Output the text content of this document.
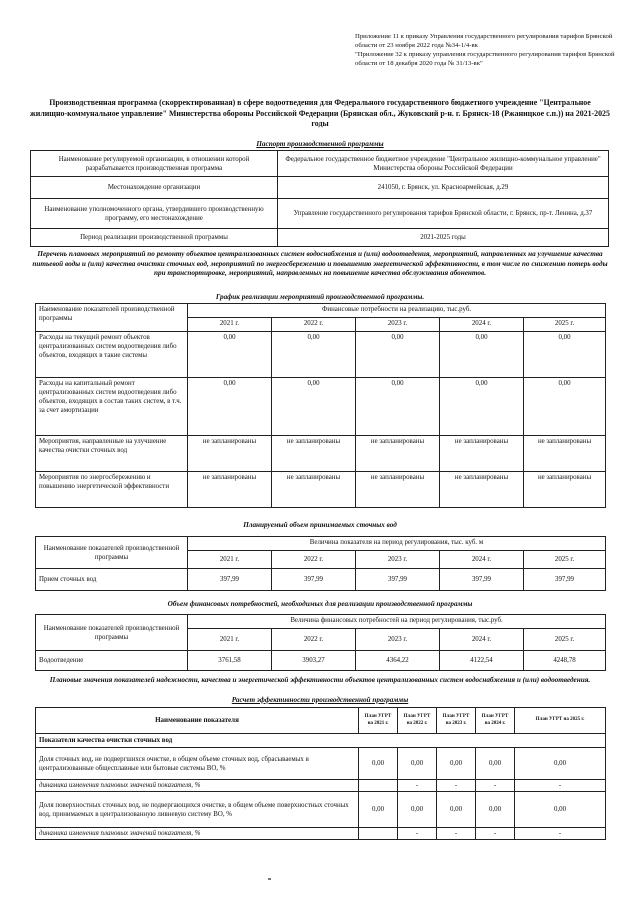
Приложение 11 к приказу Управления государственного регулирования тарифов Брянской области от 23 ноября 2022 года №34-1/4-вк

"Приложение 32 к приказу управления государственного регулирования тарифов Брянской области от 18 декабря 2020 года № 31/13-вк"

Производственная программа (скорректированная) в сфере водоотведения для Федерального государственного бюджетного учреждение "Центральное жилищно-коммунальное управление" Министерства обороны Российской Федерации (Брянская обл., Жуковский р-н. г. Брянск-18 (Ржаницкое с.п.)) на 2021-2025 годы
Паспорт производственной программы
Наименование регулируемой организации, в отношении которой разрабатывается производственная программа	Федеральное государственное бюджетное учреждение "Центральное жилищно-коммунальное управление" Министерства обороны Российской Федерации
Местонахождение организации	241050, г. Брянск, ул. Красноармейская, д.29
Наименование уполномоченного органа, утвердившего производственную программу, его местонахождение	Управление государственного регулирования тарифов Брянской области, г. Брянск, пр-т. Ленина, д.37
Период реализации производственной программы	2021-2025 годы
Перечень плановых мероприятий по ремонту объектов централизованных систем водоснабжения и (или) водоотведения, мероприятий, направленных на улучшение качества питьевой воды и (или) качества очистки сточных вод, мероприятий по энергосбережению и повышению энергетической эффективности, в том числе по снижению потерь воды при транспортировке, мероприятий, направленных на повышение качества обслуживания абонентов.
График реализации мероприятий производственной программы.
Наименование показателей производственной программы	Финансовые потребности на реализацию, тыс.руб.				
	2021 г.	2022 г.	2023 г.	2024 г.	2025 г.
Расходы на текущий ремонт объектов централизованных систем водоотведения либо объектов, входящих в такие системы	0,00	0,00	0,00	0,00	0,00
Расходы на капитальный ремонт централизованных систем водоотведения либо объектов, входящих в состав таких систем, в т.ч. за счет амортизации	0,00	0,00	0,00	0,00	0,00
Мероприятия, направленные на улучшение качества очистки сточных вод	не запланированы	не запланированы	не запланированы	не запланированы	не запланированы
Мероприятия по энергосбережению и повышению энергетической эффективности	не запланированы	не запланированы	не запланированы	не запланированы	не запланированы
Планируемый объем принимаемых сточных вод
Наименование показателей производственной программы	Величина показателя на период регулирования, тыс. куб. м				
	2021 г.	2022 г.	2023 г.	2024 г.	2025 г.
Прием сточных вод	397,99	397,99	397,99	397,99	397,99
Объем финансовых потребностей, необходимых для реализации производственной программы
Наименование показателей производственной программы	Величина финансовых потребностей на период регулирования, тыс.руб.				
	2021 г.	2022 г.	2023 г.	2024 г.	2025 г.
Водоотведение	3761,58	3903,27	4364,22	4122,54	4248,78
Плановые значения показателей надежности, качества и энергетической эффективности объектов централизованных систем водоснабжения и (или) водоотведения.
Расчет эффективности производственной программы
Наименование показателя	План УГРТ на 2021 г.	План УГРТ на 2022 г.	План УГРТ на 2023 г.	План УГРТ на 2024 г.	План УГРТ на 2025 г.
Показатели качества очистки сточных вод					
Доля сточных вод, не подвергшихся очистке, в общем объеме сточных вод, сбрасываемых в централизованные общесплавные или бытовые системы ВО, %	0,00	0,00	0,00	0,00	0,00
динамика изменения плановых значений показателя, %		-	-	-	-
Доля поверхностных сточных вод, не подвергающихся очистке, в общем объеме поверхностных сточных вод, принимаемых в централизованную ливневую систему ВО, %	0,00	0,00	0,00	0,00	0,00
динамика изменения плановых значений показателя, %		-	-	-	-
